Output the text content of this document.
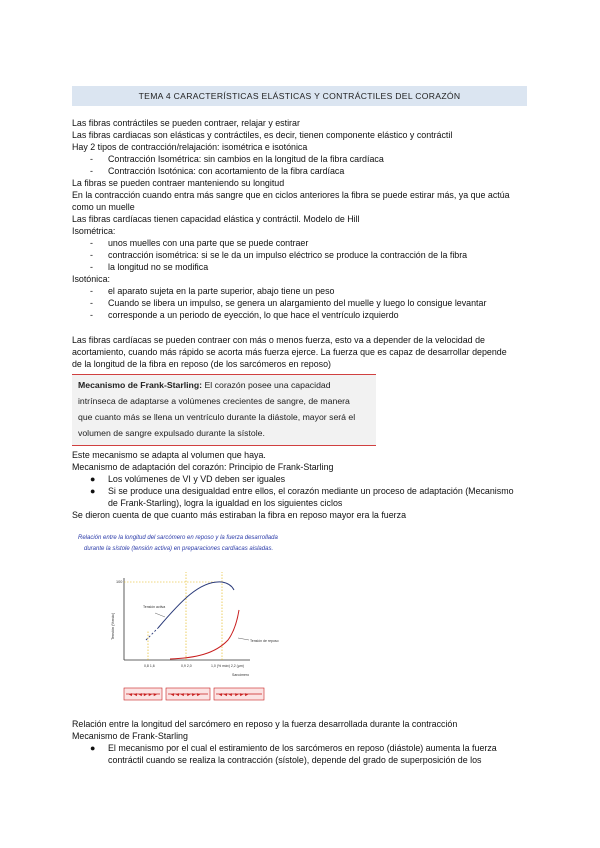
TEMA 4 CARACTERÍSTICAS ELÁSTICAS Y CONTRÁCTILES DEL CORAZÓN
Las fibras contráctiles se pueden contraer, relajar y estirar
Las fibras cardiacas son elásticas y contráctiles, es decir, tienen componente elástico y contráctil
Hay 2 tipos de contracción/relajación: isométrica e isotónica
- Contracción Isométrica: sin cambios en la longitud de la fibra cardíaca
- Contracción Isotónica: con acortamiento de la fibra cardíaca
La fibras se pueden contraer manteniendo su longitud
En la contracción cuando entra más sangre que en ciclos anteriores la fibra se puede estirar más, ya que actúa
como un muelle
Las fibras cardíacas tienen capacidad elástica y contráctil. Modelo de Hill
Isométrica:
- unos muelles con una parte que se puede contraer
- contracción isométrica: si se le da un impulso eléctrico se produce la contracción de la fibra
- la longitud no se modifica
Isotónica:
- el aparato sujeta en la parte superior, abajo tiene un peso
- Cuando se libera un impulso, se genera un alargamiento del muelle y luego lo consigue levantar
- corresponde a un periodo de eyección, lo que hace el ventrículo izquierdo
Las fibras cardíacas se pueden contraer con más o menos fuerza, esto va a depender de la velocidad de
acortamiento, cuando más rápido se acorta más fuerza ejerce. La fuerza que es capaz de desarrollar depende
de la longitud de la fibra en reposo (de los sarcómeros en reposo)
Mecanismo de Frank-Starling: El corazón posee una capacidad
intrínseca de adaptarse a volúmenes crecientes de sangre, de manera
que cuanto más se llena un ventrículo durante la diástole, mayor será el
volumen de sangre expulsado durante la sístole.
Este mecanismo se adapta al volumen que haya.
Mecanismo de adaptación del corazón: Principio de Frank-Starling
● Los volúmenes de VI y VD deben ser iguales
● Si se produce una desigualdad entre ellos, el corazón mediante un proceso de adaptación (Mecanismo
de Frank-Starling), logra la igualdad en los siguientes ciclos
Se dieron cuenta de que cuanto más estiraban la fibra en reposo mayor era la fuerza
Relación entre la longitud del sarcómero en reposo y la fuerza desarrollada
durante la sístole (tensión activa) en preparaciones cardíacas aisladas.
Tensión (%máx)
100
Tensión activa
Tensión de reposo
0,8 1,6	0,9 2,0	1,0 (% máx) 2,2 (µm)
Sarcómero
◄◄◄►►► ◄◄◄ ►►►	◄◄◄ ►►►
Relación entre la longitud del sarcómero en reposo y la fuerza desarrollada durante la contracción
Mecanismo de Frank-Starling
● El mecanismo por el cual el estiramiento de los sarcómeros en reposo (diástole) aumenta la fuerza
contráctil cuando se realiza la contracción (sístole), depende del grado de superposición de los
